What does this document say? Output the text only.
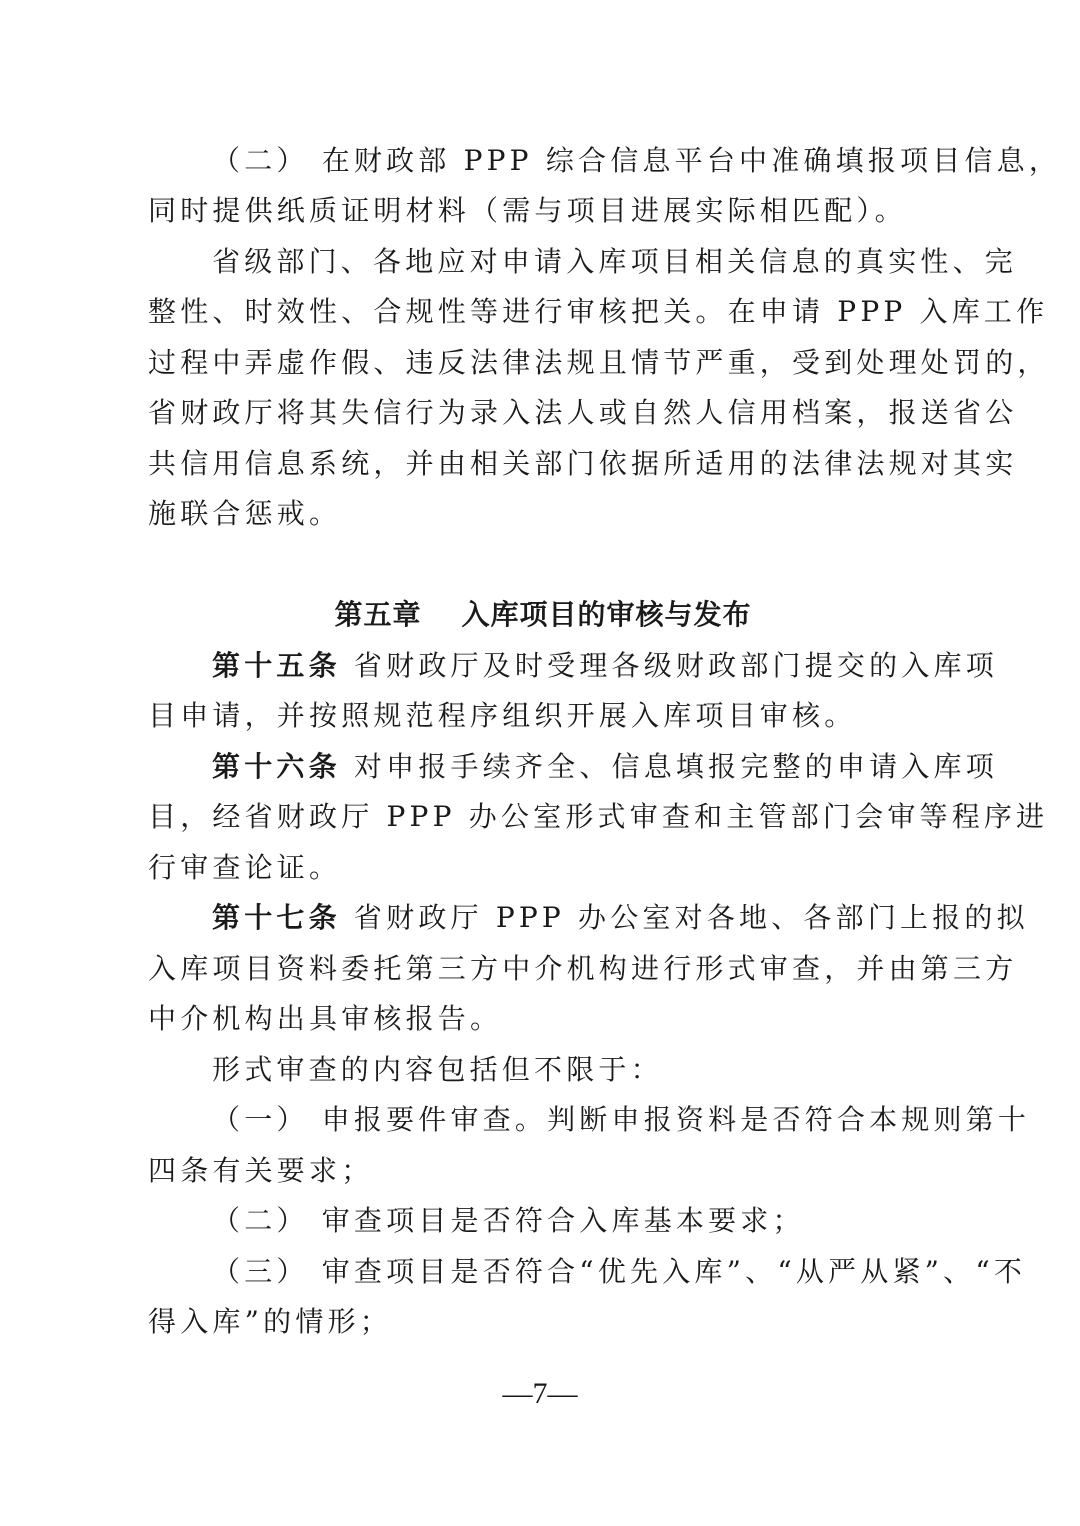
（二） 在财政部 PPP 综合信息平台中准确填报项目信息，
同时提供纸质证明材料（需与项目进展实际相匹配）。
省级部门、各地应对申请入库项目相关信息的真实性、完
整性、时效性、合规性等进行审核把关。在申请 PPP 入库工作
过程中弄虚作假、违反法律法规且情节严重，受到处理处罚的，
省财政厅将其失信行为录入法人或自然人信用档案，报送省公
共信用信息系统，并由相关部门依据所适用的法律法规对其实
施联合惩戒。
第五章 入库项目的审核与发布
第十五条 省财政厅及时受理各级财政部门提交的入库项
目申请，并按照规范程序组织开展入库项目审核。
第十六条 对申报手续齐全、信息填报完整的申请入库项
目，经省财政厅 PPP 办公室形式审查和主管部门会审等程序进
行审查论证。
第十七条 省财政厅 PPP 办公室对各地、各部门上报的拟
入库项目资料委托第三方中介机构进行形式审查，并由第三方
中介机构出具审核报告。
形式审查的内容包括但不限于：
（一） 申报要件审查。判断申报资料是否符合本规则第十
四条有关要求；
（二） 审查项目是否符合入库基本要求；
（三） 审查项目是否符合“优先入库”、“从严从紧”、“不
得入库”的情形；
—7—
